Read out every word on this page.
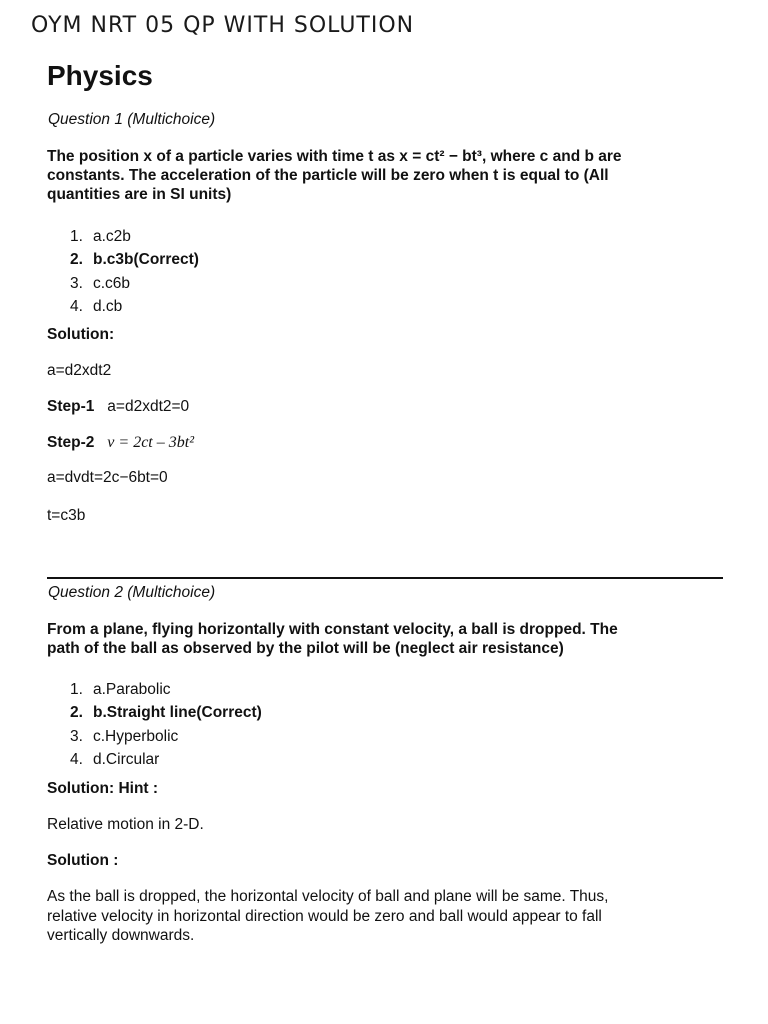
OYM NRT 05 QP WITH SOLUTION
Physics
Question 1 (Multichoice)
The position x of a particle varies with time t as x = ct² − bt³, where c and b are
constants. The acceleration of the particle will be zero when t is equal to (All
quantities are in SI units)
1. a.c2b
2. b.c3b(Correct)
3. c.c6b
4. d.cb
Solution:
a=d2xdt2
Step-1 a=d2xdt2=0
Step-2 v = 2ct – 3bt²
a=dvdt=2c−6bt=0
t=c3b
Question 2 (Multichoice)
From a plane, flying horizontally with constant velocity, a ball is dropped. The
path of the ball as observed by the pilot will be (neglect air resistance)
1. a.Parabolic
2. b.Straight line(Correct)
3. c.Hyperbolic
4. d.Circular
Solution: Hint :
Relative motion in 2-D.
Solution :
As the ball is dropped, the horizontal velocity of ball and plane will be same. Thus,
relative velocity in horizontal direction would be zero and ball would appear to fall
vertically downwards.
